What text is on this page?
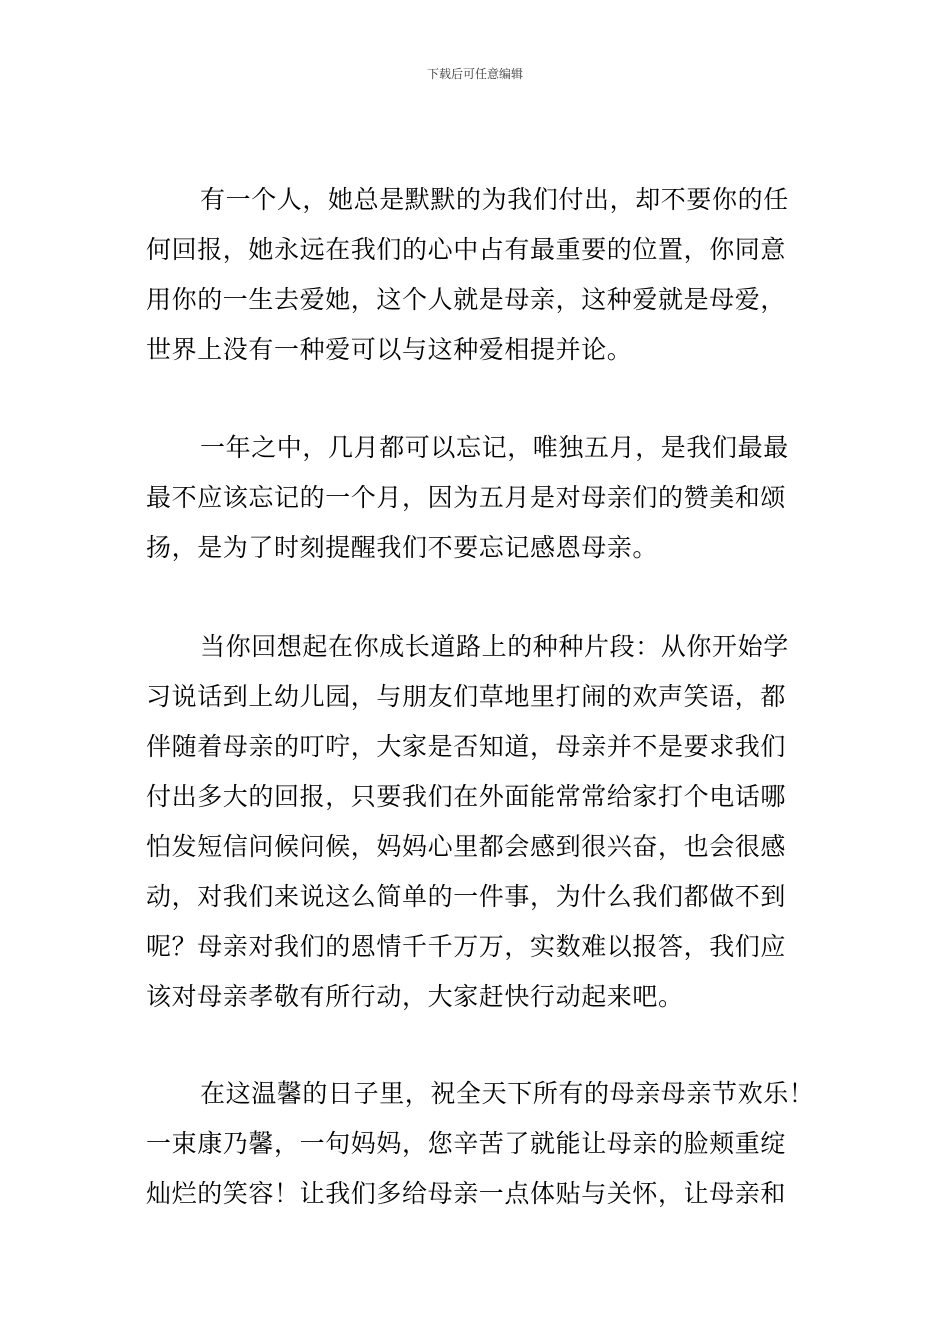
下载后可任意编辑
有一个人，她总是默默的为我们付出，却不要你的任
何回报，她永远在我们的心中占有最重要的位置，你同意
用你的一生去爱她，这个人就是母亲，这种爱就是母爱，
世界上没有一种爱可以与这种爱相提并论。
一年之中，几月都可以忘记，唯独五月，是我们最最
最不应该忘记的一个月，因为五月是对母亲们的赞美和颂
扬，是为了时刻提醒我们不要忘记感恩母亲。
当你回想起在你成长道路上的种种片段：从你开始学
习说话到上幼儿园，与朋友们草地里打闹的欢声笑语，都
伴随着母亲的叮咛，大家是否知道，母亲并不是要求我们
付出多大的回报，只要我们在外面能常常给家打个电话哪
怕发短信问候问候，妈妈心里都会感到很兴奋，也会很感
动，对我们来说这么简单的一件事，为什么我们都做不到
呢？母亲对我们的恩情千千万万，实数难以报答，我们应
该对母亲孝敬有所行动，大家赶快行动起来吧。
在这温馨的日子里，祝全天下所有的母亲母亲节欢乐！
一束康乃馨，一句妈妈，您辛苦了就能让母亲的脸颊重绽
灿烂的笑容！让我们多给母亲一点体贴与关怀，让母亲和
